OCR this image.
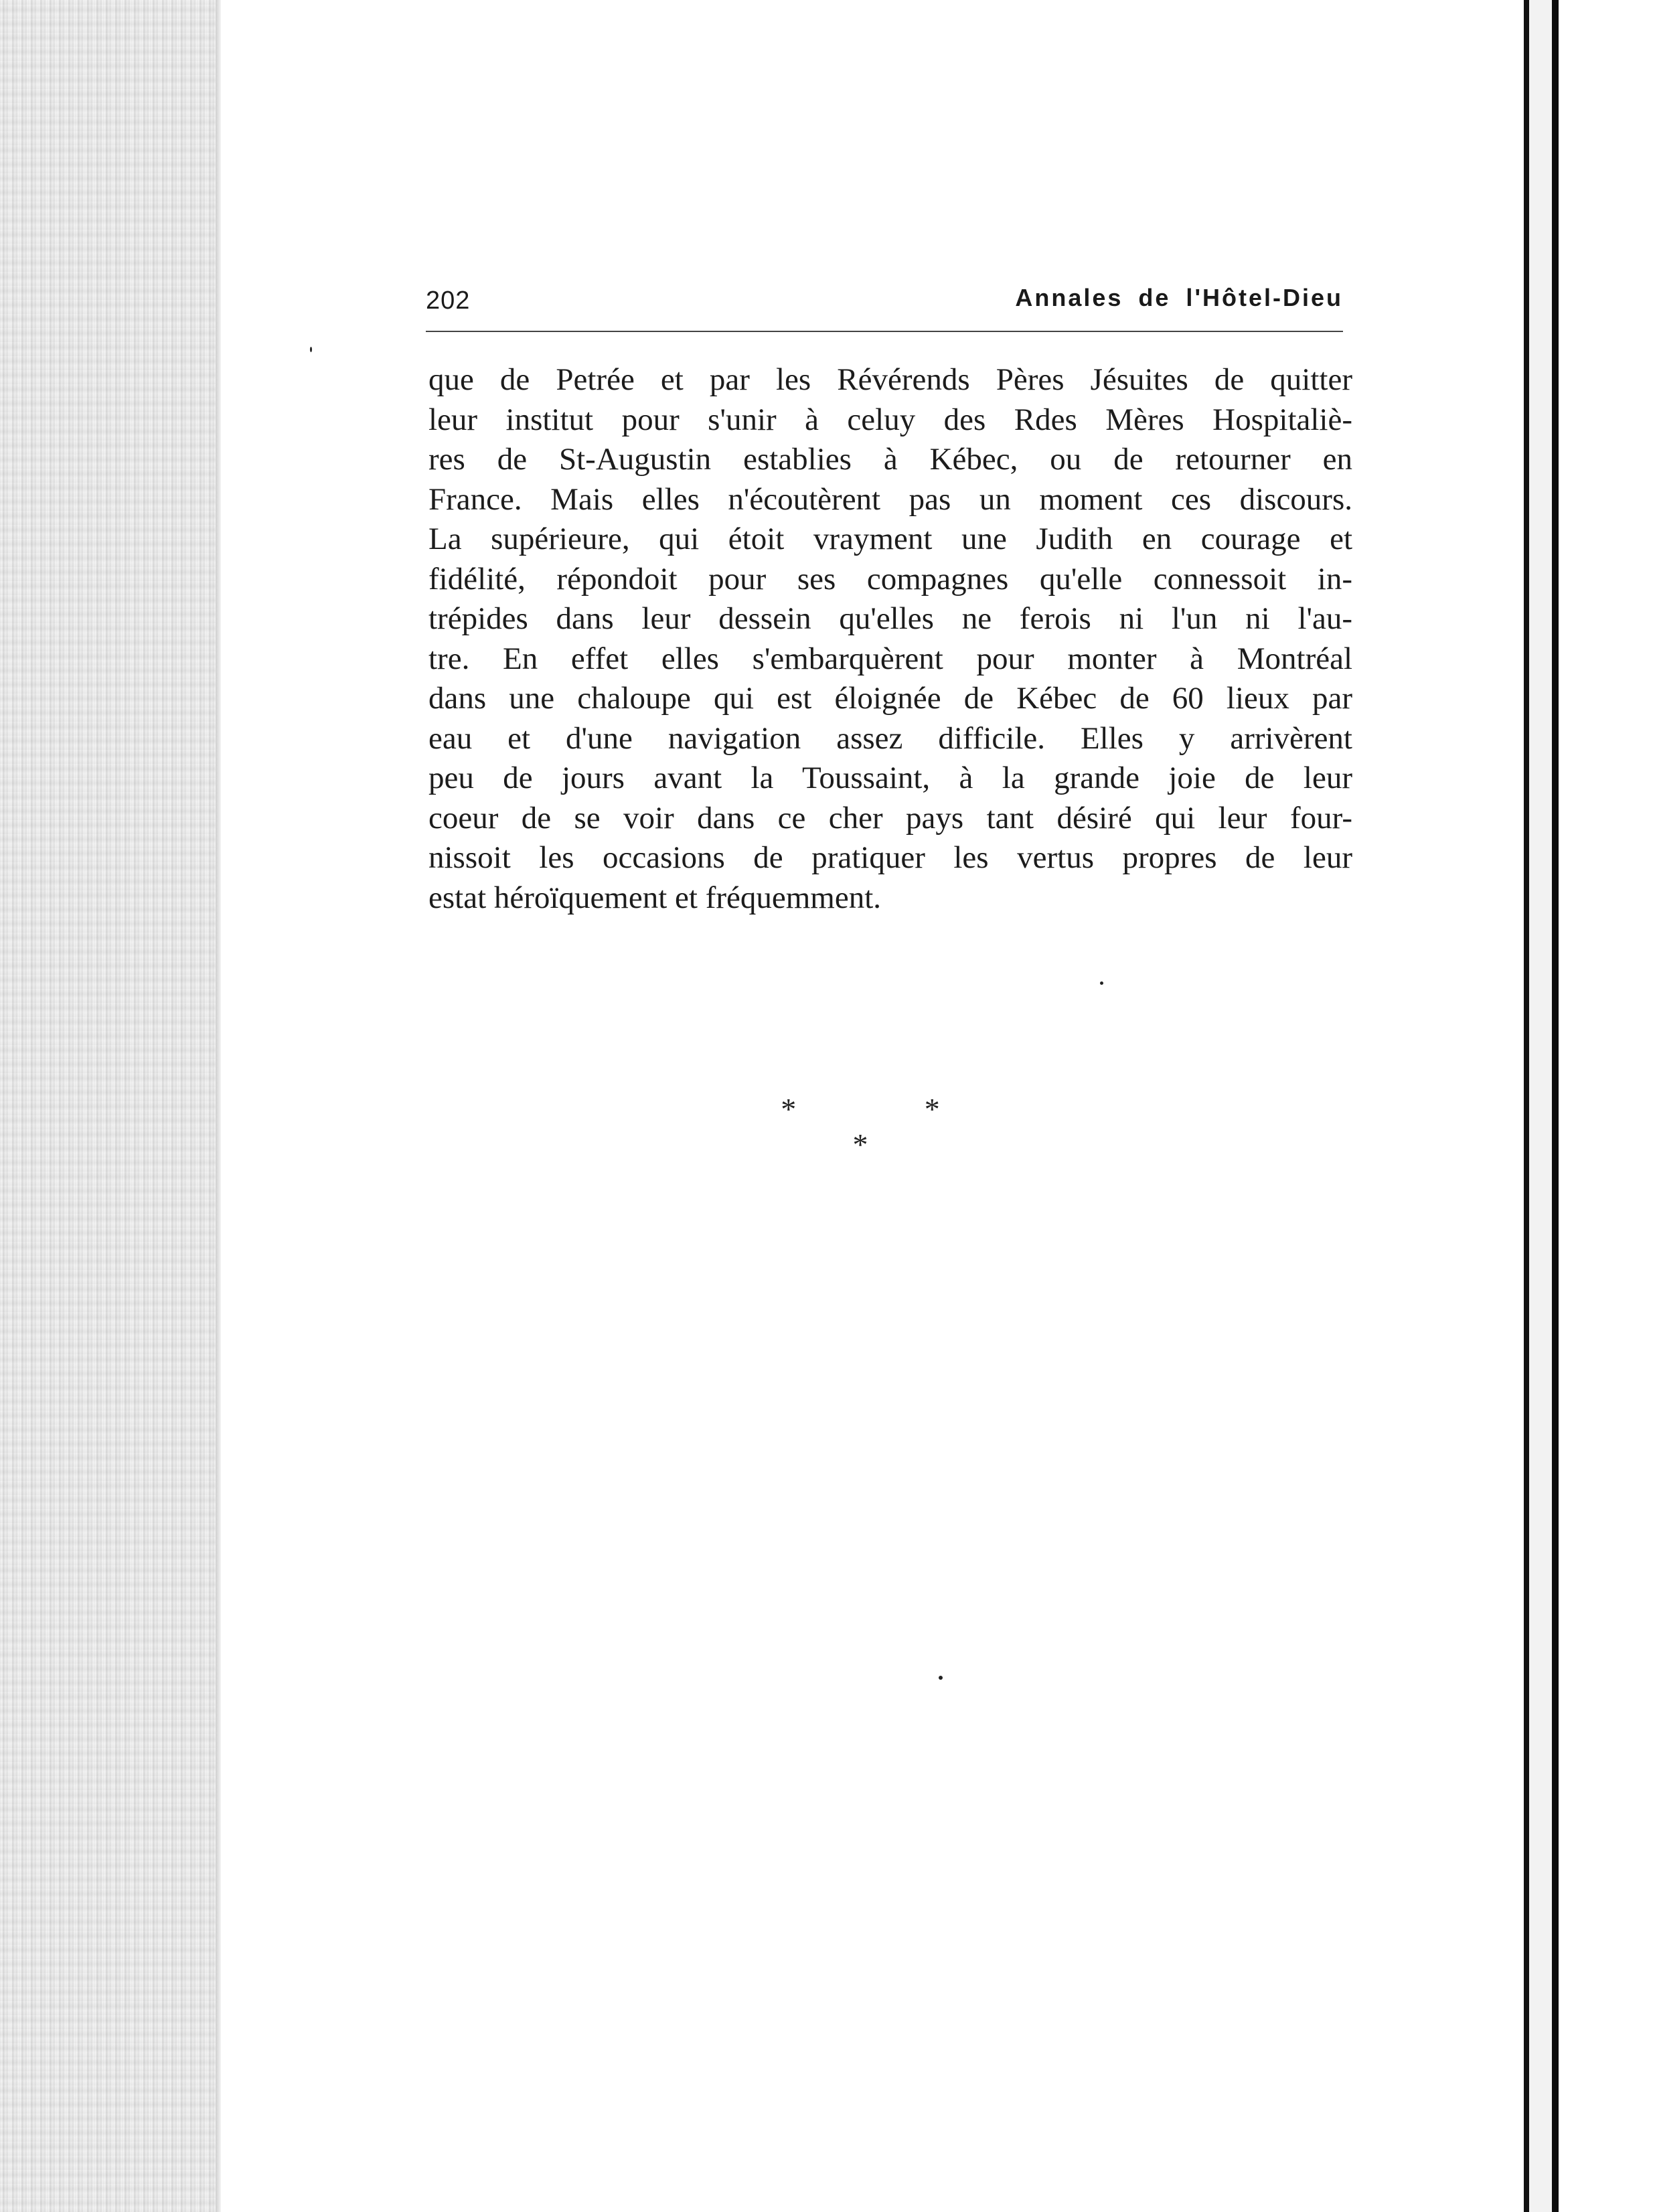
202	Annales de l'Hôtel-Dieu
que de Petrée et par les Révérends Pères Jésuites de quitter
leur institut pour s'unir à celuy des Rdes Mères Hospitaliè-
res de St-Augustin establies à Kébec, ou de retourner en
France. Mais elles n'écoutèrent pas un moment ces discours.
La supérieure, qui étoit vrayment une Judith en courage et
fidélité, répondoit pour ses compagnes qu'elle connessoit in-
trépides dans leur dessein qu'elles ne ferois ni l'un ni l'au-
tre. En effet elles s'embarquèrent pour monter à Montréal
dans une chaloupe qui est éloignée de Kébec de 60 lieux par
eau et d'une navigation assez difficile. Elles y arrivèrent
peu de jours avant la Toussaint, à la grande joie de leur
coeur de se voir dans ce cher pays tant désiré qui leur four-
nissoit les occasions de pratiquer les vertus propres de leur
estat héroïquement et fréquemment.
* * *
